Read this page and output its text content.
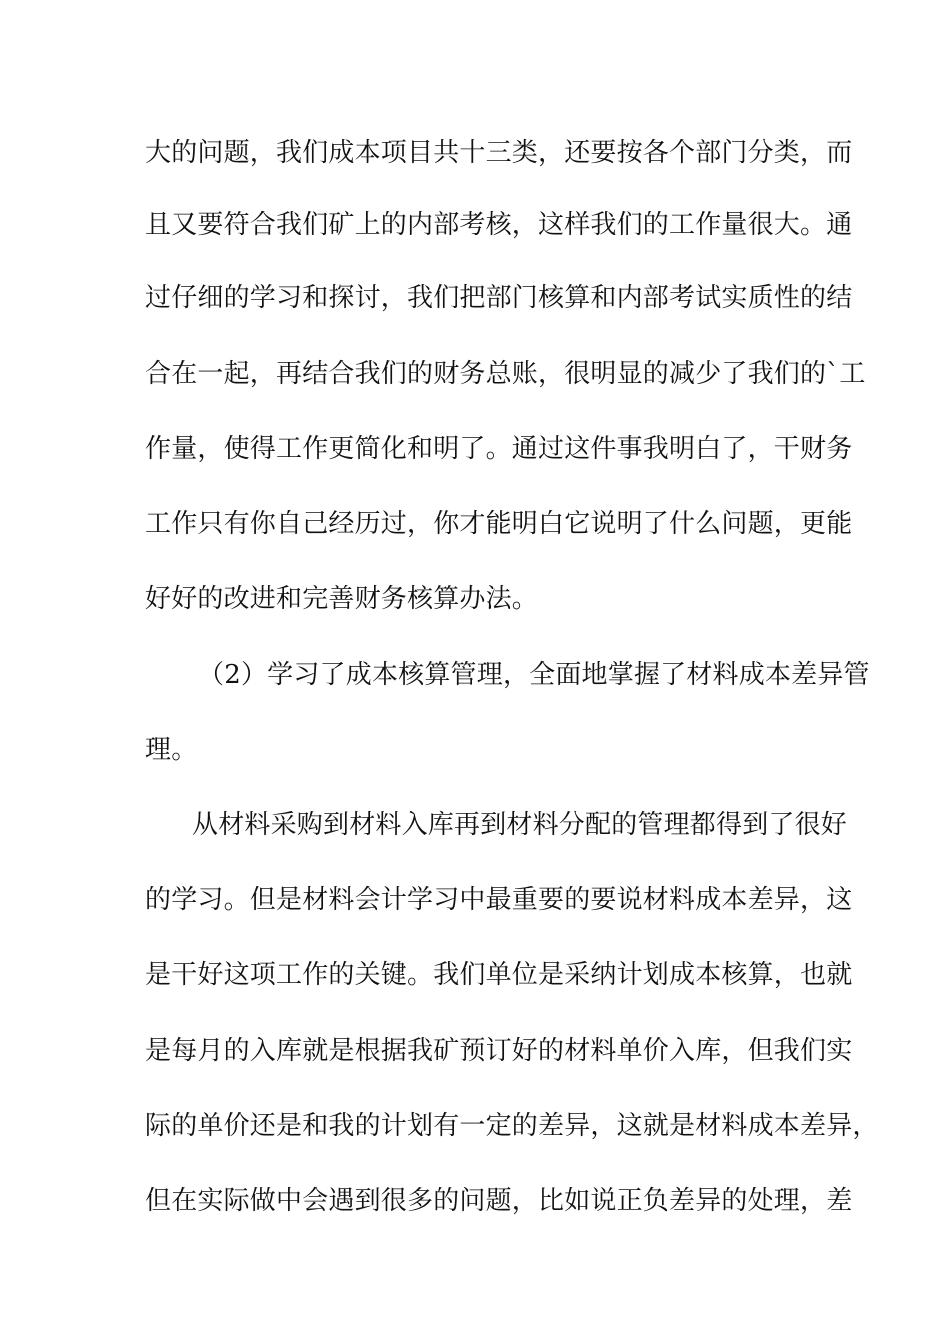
大的问题，我们成本项目共十三类，还要按各个部门分类，而
且又要符合我们矿上的内部考核，这样我们的工作量很大。通
过仔细的学习和探讨，我们把部门核算和内部考试实质性的结
合在一起，再结合我们的财务总账，很明显的减少了我们的`工
作量，使得工作更简化和明了。通过这件事我明白了，干财务
工作只有你自己经历过，你才能明白它说明了什么问题，更能
好好的改进和完善财务核算办法。
（2）学习了成本核算管理，全面地掌握了材料成本差异管
理。
从材料采购到材料入库再到材料分配的管理都得到了很好
的学习。但是材料会计学习中最重要的要说材料成本差异，这
是干好这项工作的关键。我们单位是采纳计划成本核算，也就
是每月的入库就是根据我矿预订好的材料单价入库，但我们实
际的单价还是和我的计划有一定的差异，这就是材料成本差异，
但在实际做中会遇到很多的问题，比如说正负差异的处理，差
